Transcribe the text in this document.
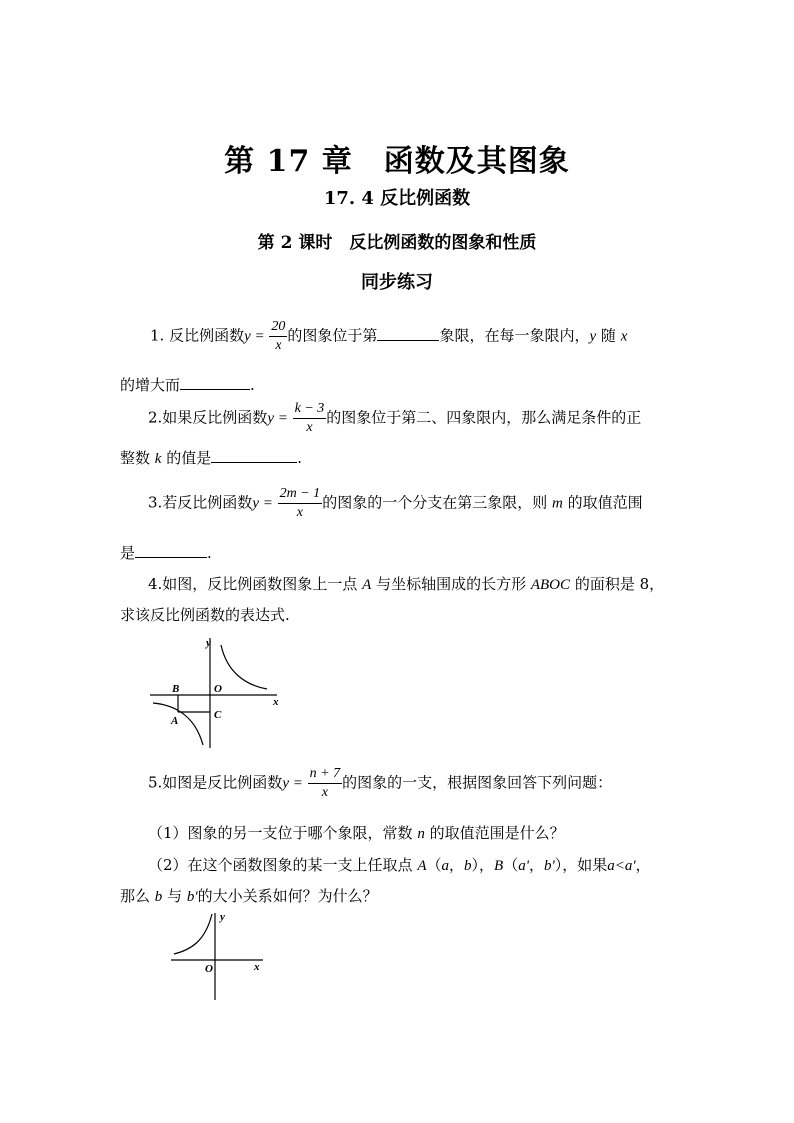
第 17 章　函数及其图象
17. 4 反比例函数
第 2 课时　反比例函数的图象和性质
同步练习
1. 反比例函数$y = \frac{20}{x}$ 的图象位于第	象限，在每一象限内，y 随 x
的增大而	.
2.如果反比例函数$y = \frac{k - 3}{x}$ 的图象位于第二、四象限内，那么满足条件的正
整数 k 的值是	.
3.若反比例函数$y = \frac{2m - 1}{x}$ 的图象的一个分支在第三象限，则 m 的取值范围
是	.
4.如图，反比例函数图象上一点 A 与坐标轴围成的长方形 ABOC 的面积是 8，
求该反比例函数的表达式.
y
x
O
B
A	C
5.如图是反比例函数$y = \frac{n + 7}{x}$ 的图象的一支，根据图象回答下列问题：
（1）图象的另一支位于哪个象限，常数 n 的取值范围是什么？
（2）在这个函数图象的某一支上任取点 A（a，b），B（a'，b'），如果a<a'，
那么 b 与 b'的大小关系如何？为什么？
y
x
O
